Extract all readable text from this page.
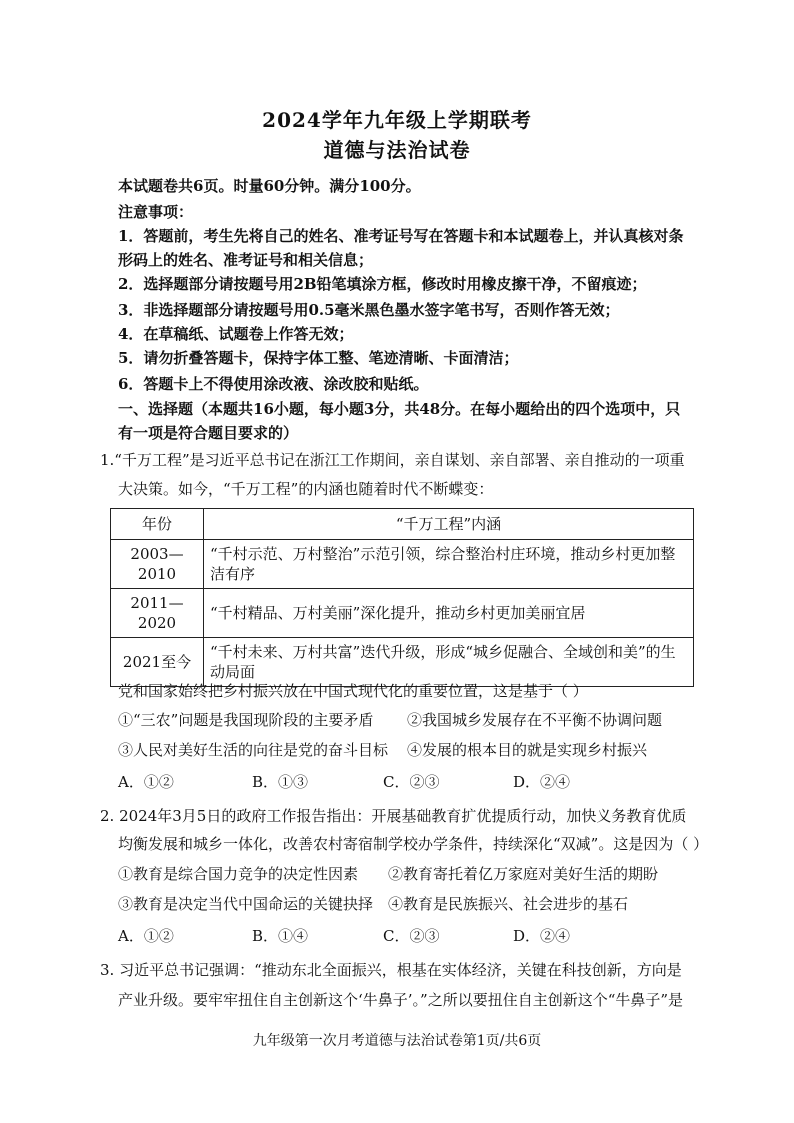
2024学年九年级上学期联考
道德与法治试卷
本试题卷共6页。时量60分钟。满分100分。
注意事项：
1．答题前，考生先将自己的姓名、准考证号写在答题卡和本试题卷上，并认真核对条
形码上的姓名、准考证号和相关信息；
2．选择题部分请按题号用2B铅笔填涂方框，修改时用橡皮擦干净，不留痕迹；
3．非选择题部分请按题号用0.5毫米黑色墨水签字笔书写，否则作答无效；
4．在草稿纸、试题卷上作答无效；
5．请勿折叠答题卡，保持字体工整、笔迹清晰、卡面清洁；
6．答题卡上不得使用涂改液、涂改胶和贴纸。
一、选择题（本题共16小题，每小题3分，共48分。在每小题给出的四个选项中，只
有一项是符合题目要求的）
1.“千万工程”是习近平总书记在浙江工作期间，亲自谋划、亲自部署、亲自推动的一项重
大决策。如今，“千万工程”的内涵也随着时代不断蝶变：
年份	“千万工程”内涵
2003—2010	“千村示范、万村整治”示范引领，综合整治村庄环境，推动乡村更加整洁有序
2011—2020	“千村精品、万村美丽”深化提升，推动乡村更加美丽宜居
2021至今	“千村未来、万村共富”迭代升级，形成“城乡促融合、全域创和美”的生动局面
党和国家始终把乡村振兴放在中国式现代化的重要位置，这是基于（ ）
①“三农”问题是我国现阶段的主要矛盾 ②我国城乡发展存在不平衡不协调问题
③人民对美好生活的向往是党的奋斗目标 ④发展的根本目的就是实现乡村振兴
A．①②	B．①③	C．②③	D．②④
2. 2024年3月5日的政府工作报告指出：开展基础教育扩优提质行动，加快义务教育优质
均衡发展和城乡一体化，改善农村寄宿制学校办学条件，持续深化“双减”。这是因为（ ）
①教育是综合国力竞争的决定性因素 ②教育寄托着亿万家庭对美好生活的期盼
③教育是决定当代中国命运的关键抉择 ④教育是民族振兴、社会进步的基石
A．①②	B．①④	C．②③	D．②④
3. 习近平总书记强调：“推动东北全面振兴，根基在实体经济，关键在科技创新，方向是
产业升级。要牢牢扭住自主创新这个‘牛鼻子’。”之所以要扭住自主创新这个“牛鼻子”是
九年级第一次月考道德与法治试卷第1页/共6页
